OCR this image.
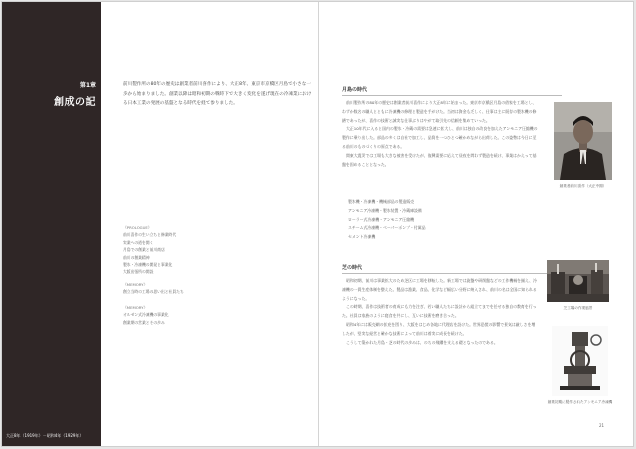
第1章
創成の記
大正8年（1919年）－昭和4年（1929年）
前川製作所の80年の歴史は創業者前川喜作により、大正8年、東京市京橋区月島で小さな一歩から始まりました。創業以降は昭和初期の戦時下で大きく変化を遂げ現在の冷凍業における日本工業の発展の基盤となる時代を経て参りました。
《PROLOGUE》
前川喜作の生い立ちと修業時代
実業への道を開く
月島での創業と前川商店
前川の創業精神
製氷・冷凍機の開発と事業化
大阪出張所の開設
《MEMORY》
創立当時の工場の思い出と社員たち
《MEMORY》
オルゼン式冷凍機の事業化
創業期の営業とその歩み
月島の時代

前川製作所の80年の歴史は創業者前川喜作により大正8年に始まった。東京市京橋区月島の借家を工場とし、わずか数名の職人とともに冷凍機の修理と製造を手がけた。当初は資金も乏しく、仕事は主に既存の製氷機の修繕であったが、喜作の技術と誠実な仕事ぶりはやがて取引先の信頼を集めていった。

大正10年代に入ると国内の製氷・冷蔵の需要は急速に拡大し、前川は独自の改良を加えたアンモニア圧縮機の製作に乗り出した。部品の多くは自社で加工し、品質を一つひとつ確かめながら出荷した。この姿勢は今日に至る前川のものづくりの原点である。

関東大震災では工場も大きな被害を受けたが、復興需要に応えて昼夜を問わず製造を続け、事業はかえって基盤を固めることとなった。

製氷機・冷凍機・機械部品の製造販売
アンモニア冷凍機・製氷装置・冷蔵庫設備
ローラー式冷凍機・アンモニア圧縮機
スチーム式冷凍機・ベーパーポンプ・付属品
セメント冷凍機
芝の時代

昭和初期、前川は事業拡大のため芝区に工場を移転した。新工場では旋盤や研削盤などの工作機械を揃え、冷凍機の一貫生産体制を整えた。製品は漁業、食品、化学など幅広い分野に納入され、前川の名は全国に知られるようになった。

この時期、喜作は技術者の育成にも力を注ぎ、若い職人たちに設計から組立てまでを任せる独自の教育を行った。社員は家族のように寝食を共にし、互いに技術を磨き合った。

昭和4年には販売網の拡充を図り、大阪をはじめ各地に代理店を設けた。世界恐慌の影響で景気は厳しさを増したが、堅実な経営と確かな技術によって前川は着実に成長を続けた。

こうして築かれた月島・芝の時代の歩みは、のちの飛躍を支える礎となったのである。

創業者前川喜作（大正中期）
芝工場の作業風景
創業初期に製作されたアンモニア冷凍機
21
